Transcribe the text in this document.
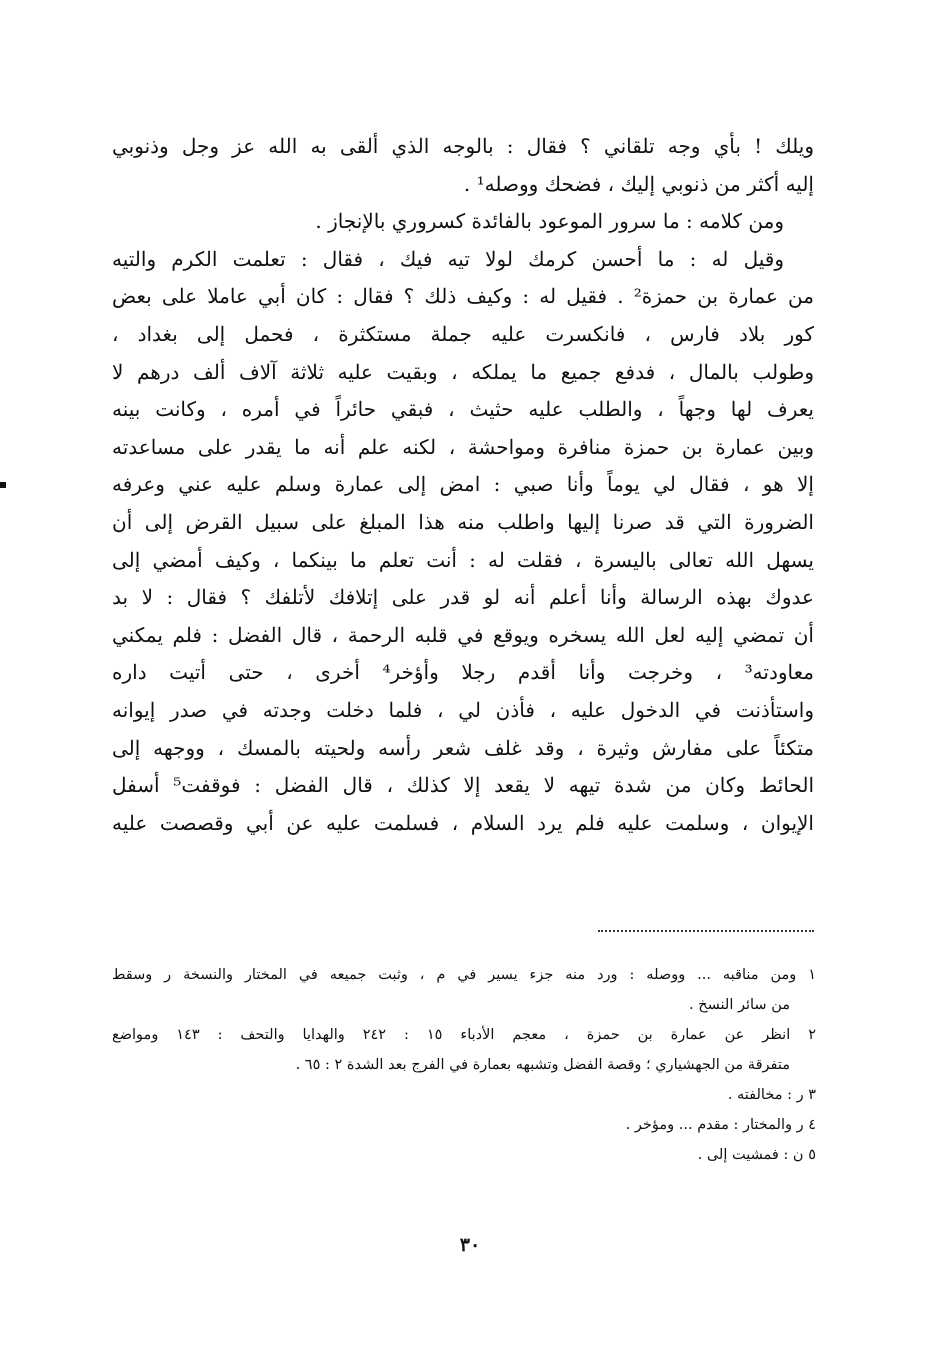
ويلك ! بأي وجه تلقاني ؟ فقال : بالوجه الذي ألقى به الله عز وجل وذنوبي
إليه أكثر من ذنوبي إليك ، فضحك ووصله¹ .
ومن كلامه : ما سرور الموعود بالفائدة كسروري بالإنجاز .
وقيل له : ما أحسن كرمك لولا تيه فيك ، فقال : تعلمت الكرم والتيه
من عمارة بن حمزة² . فقيل له : وكيف ذلك ؟ فقال : كان أبي عاملا على بعض
كور بلاد فارس ، فانكسرت عليه جملة مستكثرة ، فحمل إلى بغداد ،
وطولب بالمال ، فدفع جميع ما يملكه ، وبقيت عليه ثلاثة آلاف ألف درهم لا
يعرف لها وجهاً ، والطلب عليه حثيث ، فبقي حائراً في أمره ، وكانت بينه
وبين عمارة بن حمزة منافرة ومواحشة ، لكنه علم أنه ما يقدر على مساعدته
إلا هو ، فقال لي يوماً وأنا صبي : امض إلى عمارة وسلم عليه عني وعرفه
الضرورة التي قد صرنا إليها واطلب منه هذا المبلغ على سبيل القرض إلى أن
يسهل الله تعالى باليسرة ، فقلت له : أنت تعلم ما بينكما ، وكيف أمضي إلى
عدوك بهذه الرسالة وأنا أعلم أنه لو قدر على إتلافك لأتلفك ؟ فقال : لا بد
أن تمضي إليه لعل الله يسخره ويوقع في قلبه الرحمة ، قال الفضل : فلم يمكني
معاودته³ ، وخرجت وأنا أقدم رجلا وأؤخر⁴ أخرى ، حتى أتيت داره
واستأذنت في الدخول عليه ، فأذن لي ، فلما دخلت وجدته في صدر إيوانه
متكئاً على مفارش وثيرة ، وقد غلف شعر رأسه ولحيته بالمسك ، ووجهه إلى
الحائط وكان من شدة تيهه لا يقعد إلا كذلك ، قال الفضل : فوقفت⁵ أسفل
الإيوان ، وسلمت عليه فلم يرد السلام ، فسلمت عليه عن أبي وقصصت عليه
١ ومن مناقبه ... ووصله : ورد منه جزء يسير في م ، وثبت جميعه في المختار والنسخة ر وسقط
من سائر النسخ .
٢ انظر عن عمارة بن حمزة ، معجم الأدباء ١٥ : ٢٤٢ والهدايا والتحف : ١٤٣ ومواضع
متفرقة من الجهشياري ؛ وقصة الفضل وتشبهه بعمارة في الفرج بعد الشدة ٢ : ٦٥ .
٣ ر : مخالفته .
٤ ر والمختار : مقدم ... ومؤخر .
٥ ن : فمشيت إلى .
٣٠
